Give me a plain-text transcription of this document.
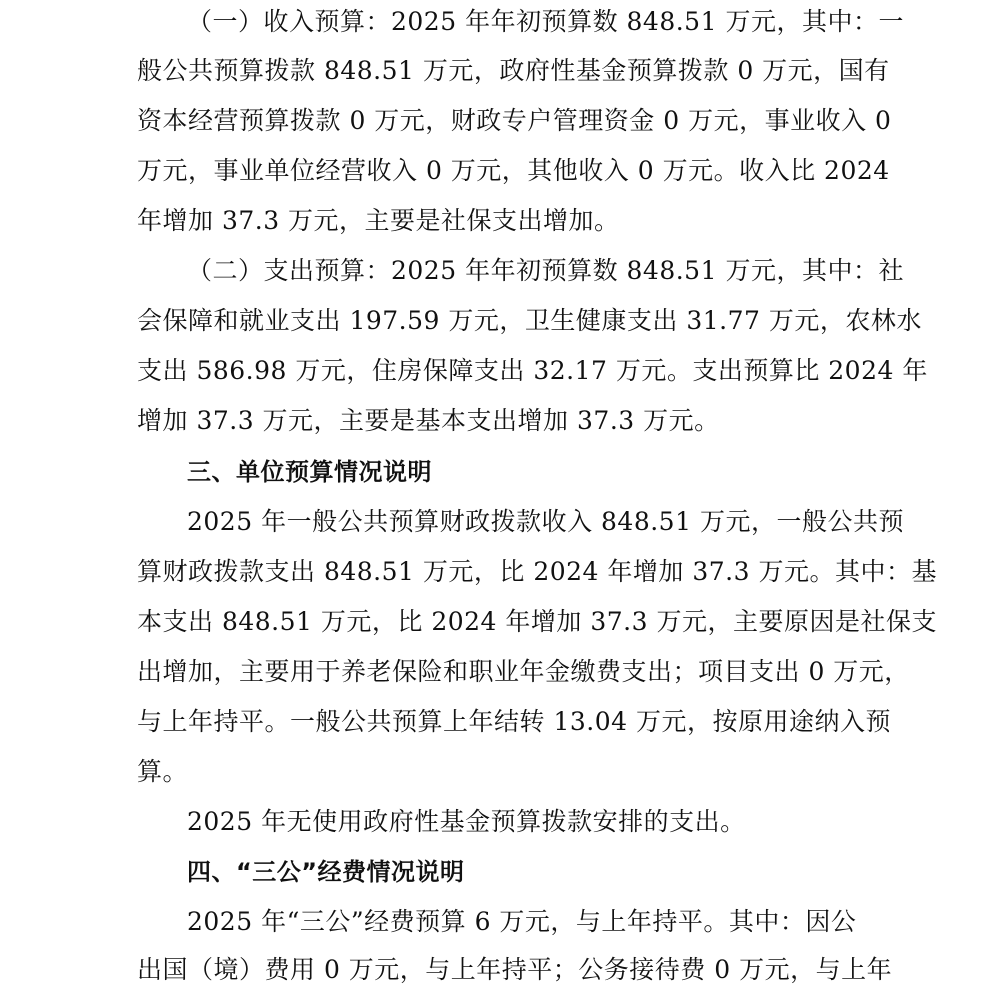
（一）收入预算：2025 年年初预算数 848.51 万元，其中：一
般公共预算拨款 848.51 万元，政府性基金预算拨款 0 万元，国有
资本经营预算拨款 0 万元，财政专户管理资金 0 万元，事业收入 0
万元，事业单位经营收入 0 万元，其他收入 0 万元。收入比 2024
年增加 37.3 万元，主要是社保支出增加。
（二）支出预算：2025 年年初预算数 848.51 万元，其中：社
会保障和就业支出 197.59 万元，卫生健康支出 31.77 万元，农林水
支出 586.98 万元，住房保障支出 32.17 万元。支出预算比 2024 年
增加 37.3 万元，主要是基本支出增加 37.3 万元。
三、单位预算情况说明
2025 年一般公共预算财政拨款收入 848.51 万元，一般公共预
算财政拨款支出 848.51 万元，比 2024 年增加 37.3 万元。其中：基
本支出 848.51 万元，比 2024 年增加 37.3 万元，主要原因是社保支
出增加，主要用于养老保险和职业年金缴费支出；项目支出 0 万元，
与上年持平。一般公共预算上年结转 13.04 万元，按原用途纳入预
算。
2025 年无使用政府性基金预算拨款安排的支出。
四、“三公”经费情况说明
2025 年“三公”经费预算 6 万元，与上年持平。其中：因公
出国（境）费用 0 万元，与上年持平；公务接待费 0 万元，与上年
